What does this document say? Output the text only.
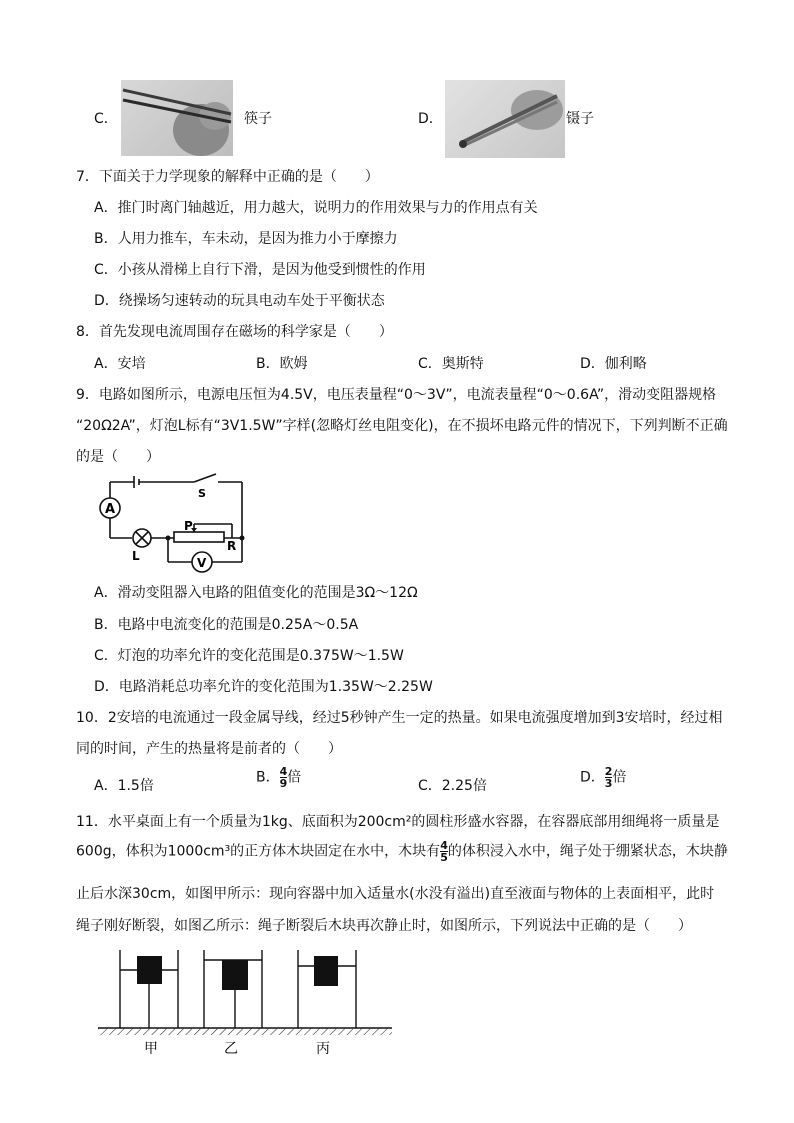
C．	筷子	D．	镊子
7．下面关于力学现象的解释中正确的是（　　）
A．推门时离门轴越近，用力越大，说明力的作用效果与力的作用点有关
B．人用力推车，车未动，是因为推力小于摩擦力
C．小孩从滑梯上自行下滑，是因为他受到惯性的作用
D．绕操场匀速转动的玩具电动车处于平衡状态
8．首先发现电流周围存在磁场的科学家是（　　）
A．安培	B．欧姆	C．奥斯特	D．伽利略
9．电路如图所示，电源电压恒为4.5V，电压表量程“0～3V”，电流表量程“0～0.6A”，滑动变阻器规格
“20Ω2A”，灯泡L标有“3V1.5W”字样(忽略灯丝电阻变化)，在不损坏电路元件的情况下，下列判断不正确
的是（　　）
A
V
S
P
R
L
A．滑动变阻器入电路的阻值变化的范围是3Ω～12Ω
B．电路中电流变化的范围是0.25A～0.5A
C．灯泡的功率允许的变化范围是0.375W～1.5W
D．电路消耗总功率允许的变化范围为1.35W～2.25W
10．2安培的电流通过一段金属导线，经过5秒钟产生一定的热量。如果电流强度增加到3安培时，经过相
同的时间，产生的热量将是前者的（　　）
A．1.5倍
B． $\frac{4}{9}$ 倍
C．2.25倍
D． $\frac{2}{3}$ 倍
11．水平桌面上有一个质量为1kg、底面积为200cm²的圆柱形盛水容器，在容器底部用细绳将一质量是
600g，体积为1000cm³的正方体木块固定在水中，木块有 $\frac{4}{5}$ 的体积浸入水中，绳子处于绷紧状态，木块静
止后水深30cm，如图甲所示：现向容器中加入适量水(水没有溢出)直至液面与物体的上表面相平，此时
绳子刚好断裂，如图乙所示：绳子断裂后木块再次静止时，如图所示，下列说法中正确的是（　　）
甲	乙	丙
